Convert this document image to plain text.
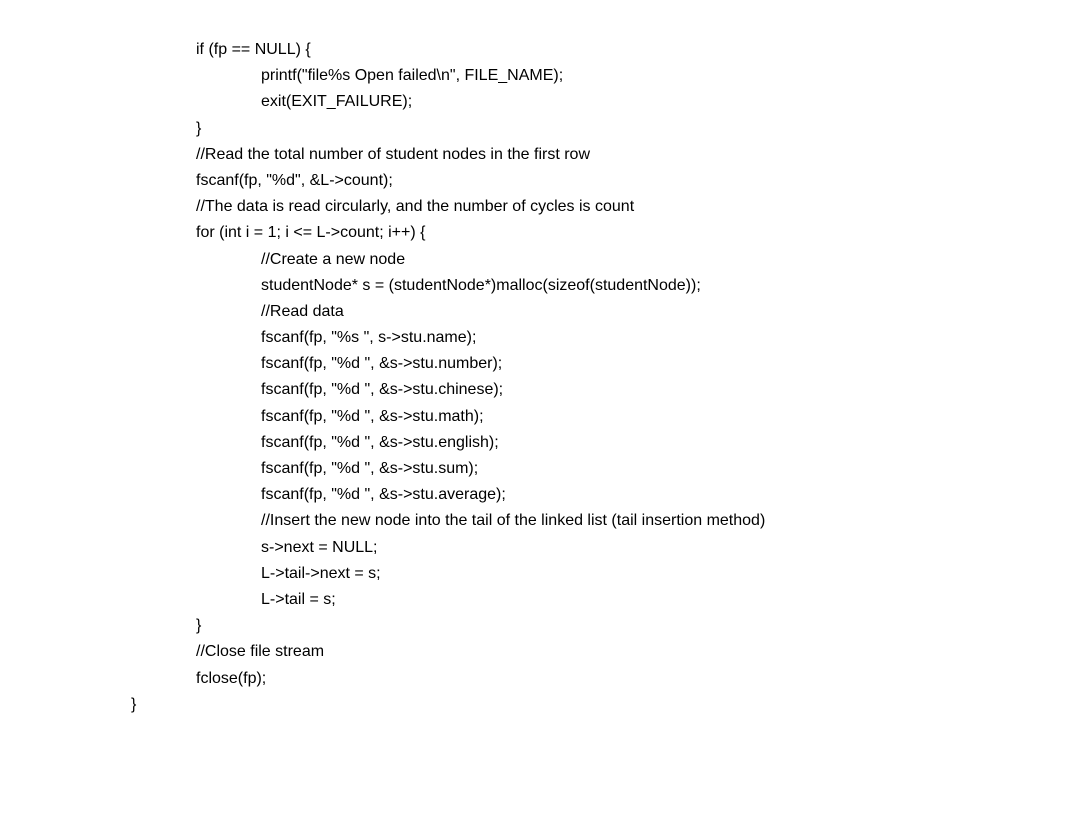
if (fp == NULL) {
printf("file%s Open failed\n", FILE_NAME);
exit(EXIT_FAILURE);
}
//Read the total number of student nodes in the first row
fscanf(fp, "%d", &L->count);
//The data is read circularly, and the number of cycles is count
for (int i = 1; i <= L->count; i++) {
//Create a new node
studentNode* s = (studentNode*)malloc(sizeof(studentNode));
//Read data
fscanf(fp, "%s ", s->stu.name);
fscanf(fp, "%d ", &s->stu.number);
fscanf(fp, "%d ", &s->stu.chinese);
fscanf(fp, "%d ", &s->stu.math);
fscanf(fp, "%d ", &s->stu.english);
fscanf(fp, "%d ", &s->stu.sum);
fscanf(fp, "%d ", &s->stu.average);
//Insert the new node into the tail of the linked list (tail insertion method)
s->next = NULL;
L->tail->next = s;
L->tail = s;
}
//Close file stream
fclose(fp);
}
